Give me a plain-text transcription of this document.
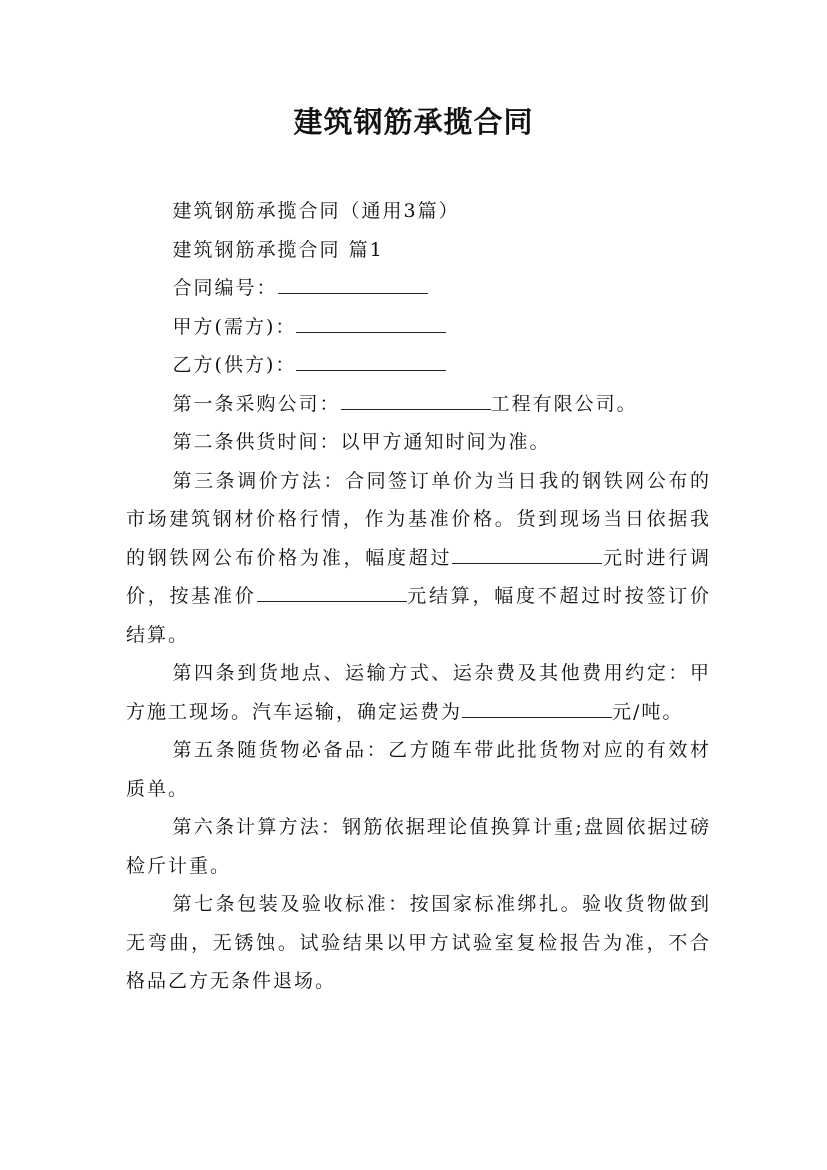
建筑钢筋承揽合同

建筑钢筋承揽合同（通用3篇）

建筑钢筋承揽合同 篇1

合同编号：

甲方(需方)：

乙方(供方)：

第一条采购公司：	工程有限公司。

第二条供货时间：以甲方通知时间为准。

第三条调价方法：合同签订单价为当日我的钢铁网公布的市场建筑钢材价格行情，作为基准价格。货到现场当日依据我的钢铁网公布价格为准，幅度超过	元时进行调价，按基准价	元结算，幅度不超过时按签订价结算。

第四条到货地点、运输方式、运杂费及其他费用约定：甲方施工现场。汽车运输，确定运费为	元/吨。

第五条随货物必备品：乙方随车带此批货物对应的有效材质单。

第六条计算方法：钢筋依据理论值换算计重;盘圆依据过磅检斤计重。

第七条包装及验收标准：按国家标准绑扎。验收货物做到无弯曲，无锈蚀。试验结果以甲方试验室复检报告为准，不合格品乙方无条件退场。
